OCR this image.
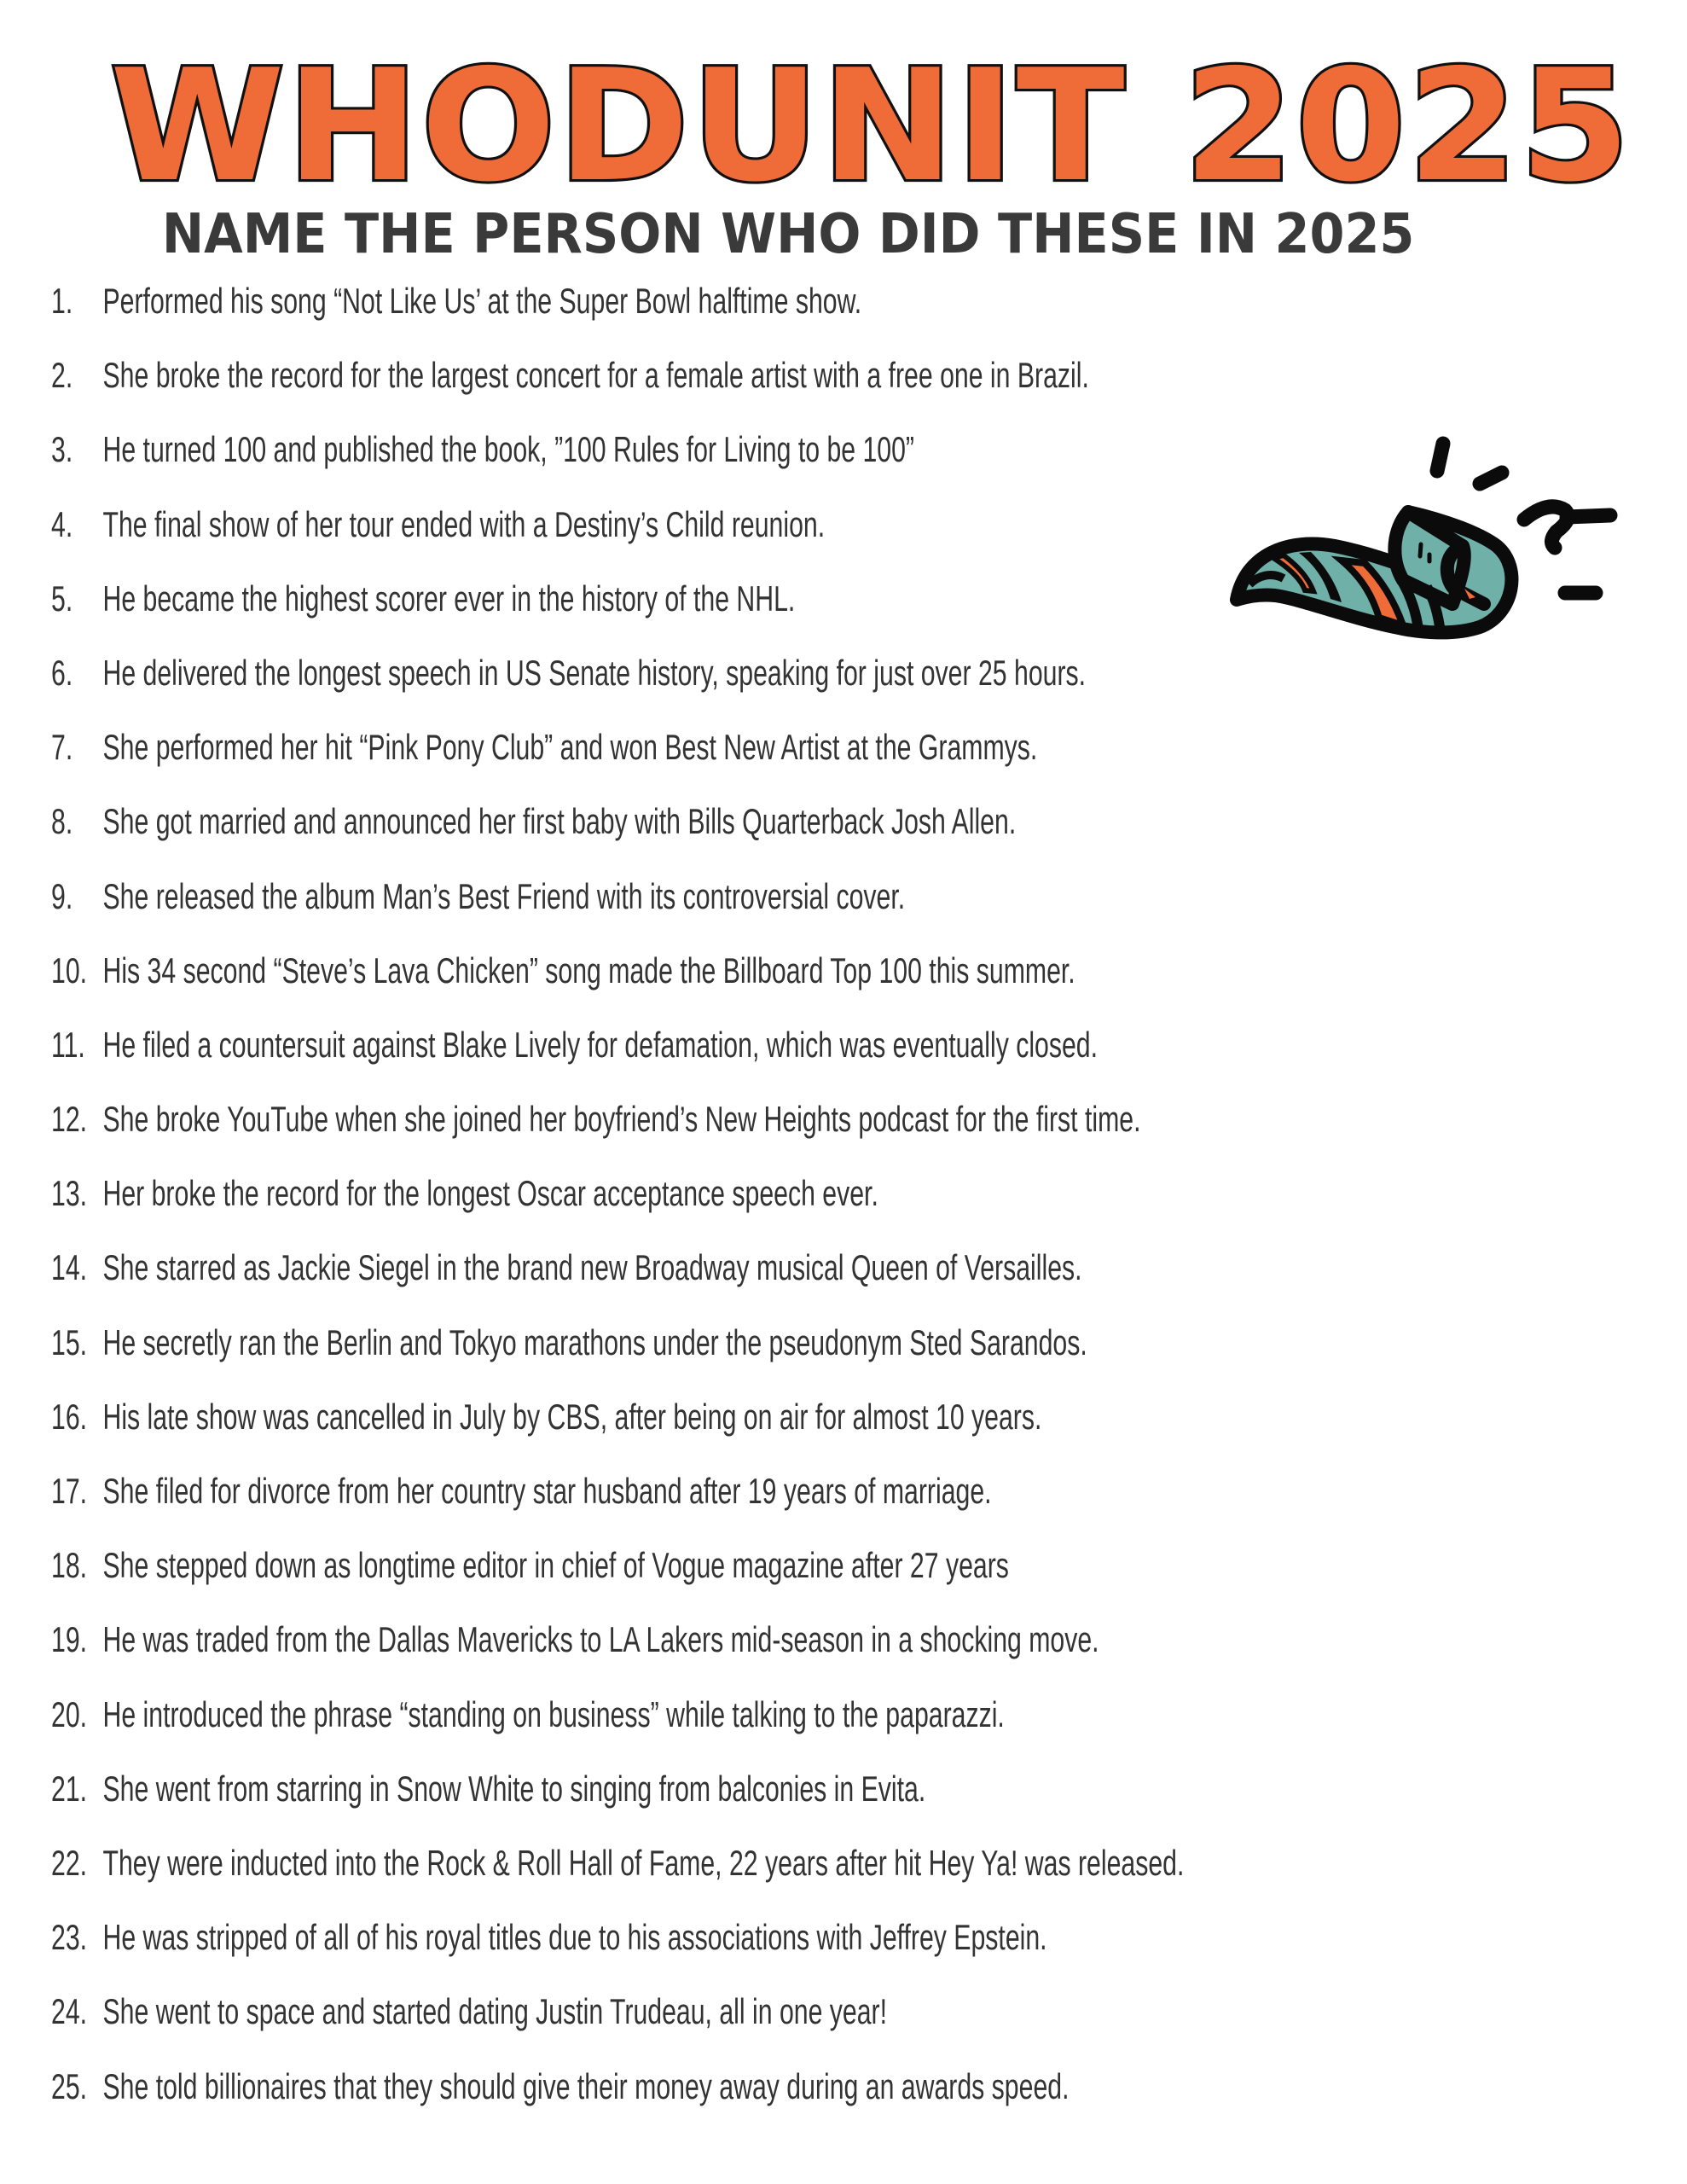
WHODUNIT 2025
NAME THE PERSON WHO DID THESE IN 2025
1. Performed his song “Not Like Us’ at the Super Bowl halftime show.
2. She broke the record for the largest concert for a female artist with a free one in Brazil.
3. He turned 100 and published the book, ”100 Rules for Living to be 100”
4. The final show of her tour ended with a Destiny’s Child reunion.
5. He became the highest scorer ever in the history of the NHL.
6. He delivered the longest speech in US Senate history, speaking for just over 25 hours.
7. She performed her hit “Pink Pony Club” and won Best New Artist at the Grammys.
8. She got married and announced her first baby with Bills Quarterback Josh Allen.
9. She released the album Man’s Best Friend with its controversial cover.
10. His 34 second “Steve’s Lava Chicken” song made the Billboard Top 100 this summer.
11. He filed a countersuit against Blake Lively for defamation, which was eventually closed.
12. She broke YouTube when she joined her boyfriend’s New Heights podcast for the first time.
13. Her broke the record for the longest Oscar acceptance speech ever.
14. She starred as Jackie Siegel in the brand new Broadway musical Queen of Versailles.
15. He secretly ran the Berlin and Tokyo marathons under the pseudonym Sted Sarandos.
16. His late show was cancelled in July by CBS, after being on air for almost 10 years.
17. She filed for divorce from her country star husband after 19 years of marriage.
18. She stepped down as longtime editor in chief of Vogue magazine after 27 years
19. He was traded from the Dallas Mavericks to LA Lakers mid-season in a shocking move.
20. He introduced the phrase “standing on business” while talking to the paparazzi.
21. She went from starring in Snow White to singing from balconies in Evita.
22. They were inducted into the Rock & Roll Hall of Fame, 22 years after hit Hey Ya! was released.
23. He was stripped of all of his royal titles due to his associations with Jeffrey Epstein.
24. She went to space and started dating Justin Trudeau, all in one year!
25. She told billionaires that they should give their money away during an awards speed.
